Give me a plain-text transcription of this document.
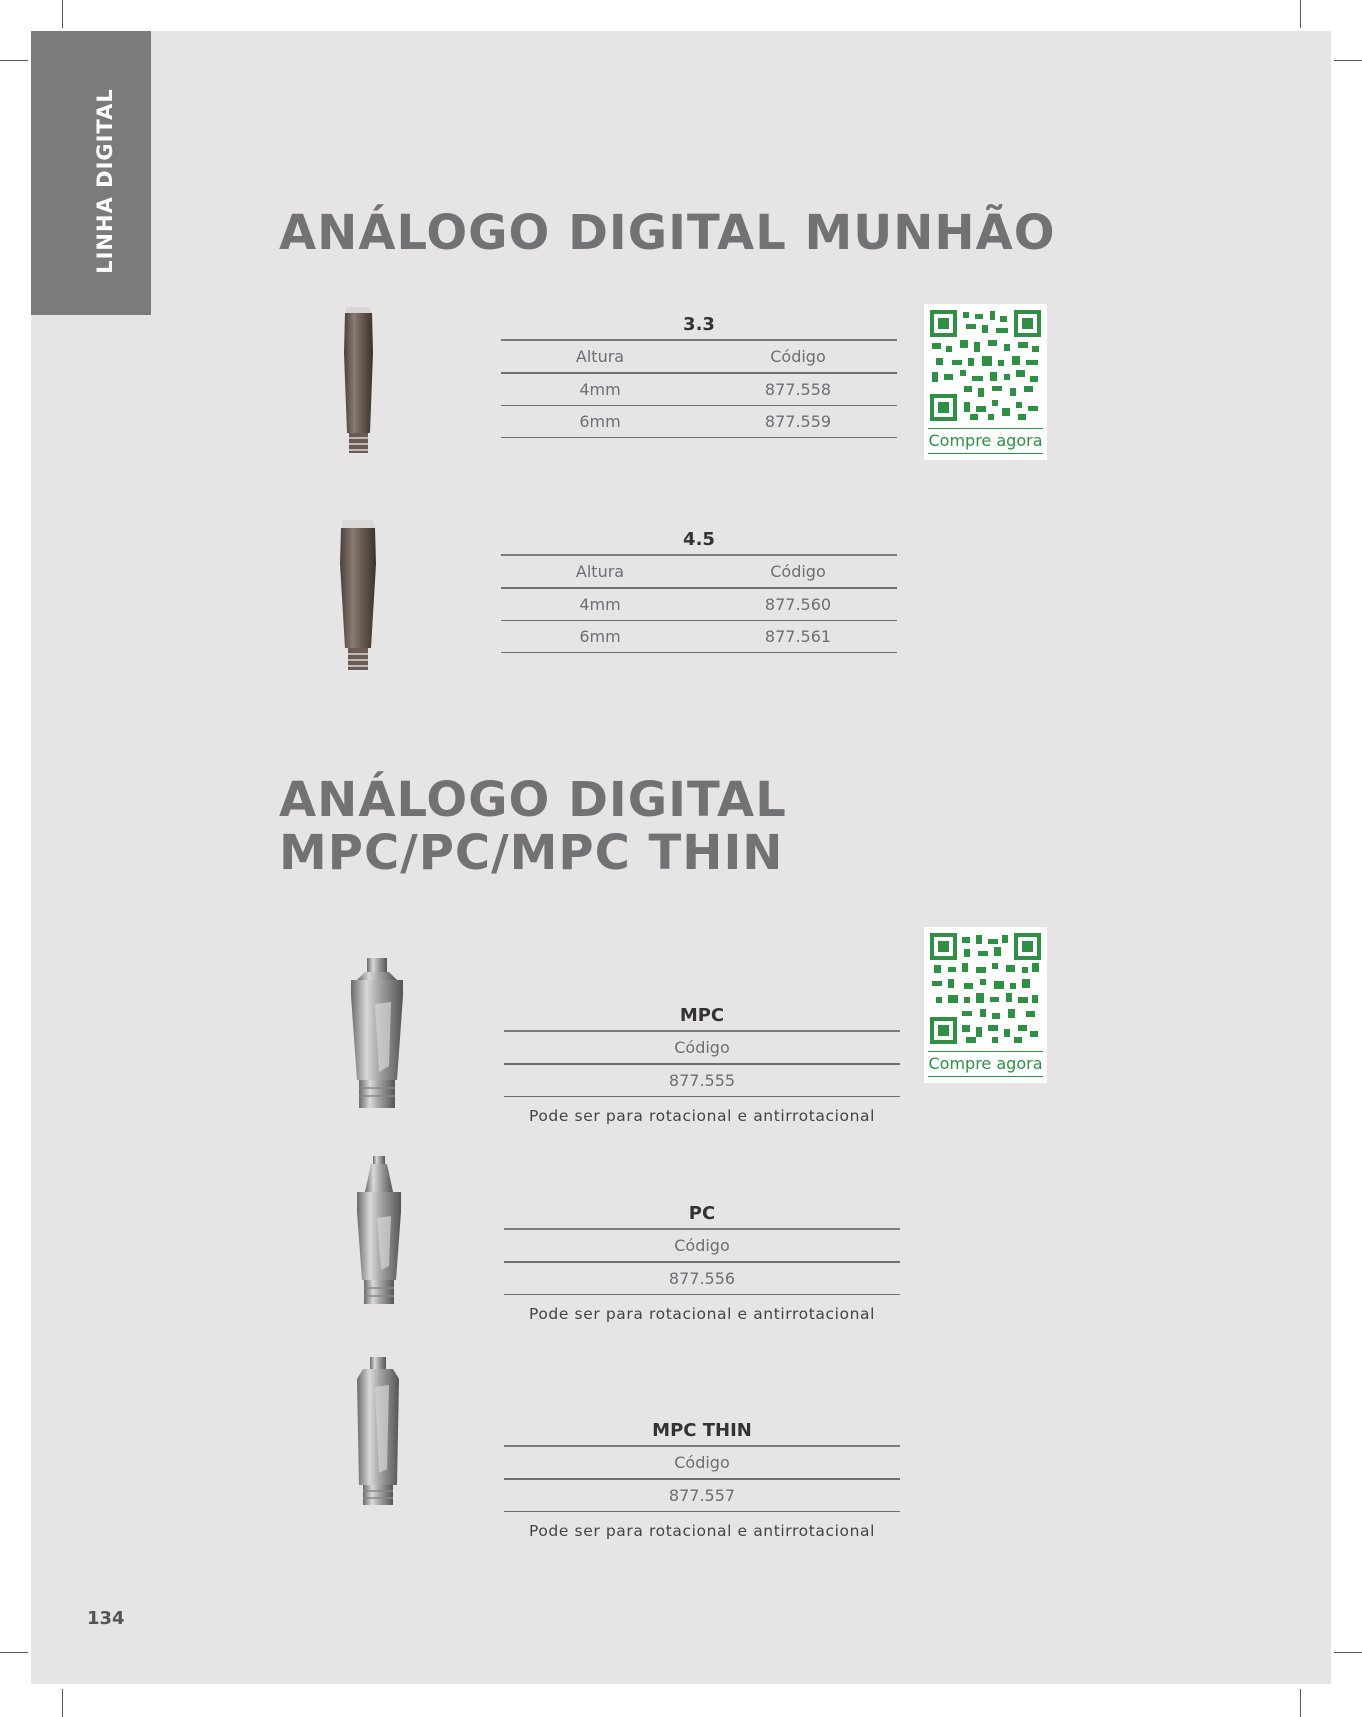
LINHA DIGITAL	ANÁLOGO DIGITAL MUNHÃO
3.3
Altura	Código
4mm	877.558
6mm	877.559
Compre agora
4.5
Altura	Código
4mm	877.560
6mm	877.561
ANÁLOGO DIGITAL
MPC/PC/MPC THIN
MPC
Código
877.555
Pode ser para rotacional e antirrotacional
Compre agora
PC
Código
877.556
Pode ser para rotacional e antirrotacional
MPC THIN
Código
877.557
Pode ser para rotacional e antirrotacional
134
